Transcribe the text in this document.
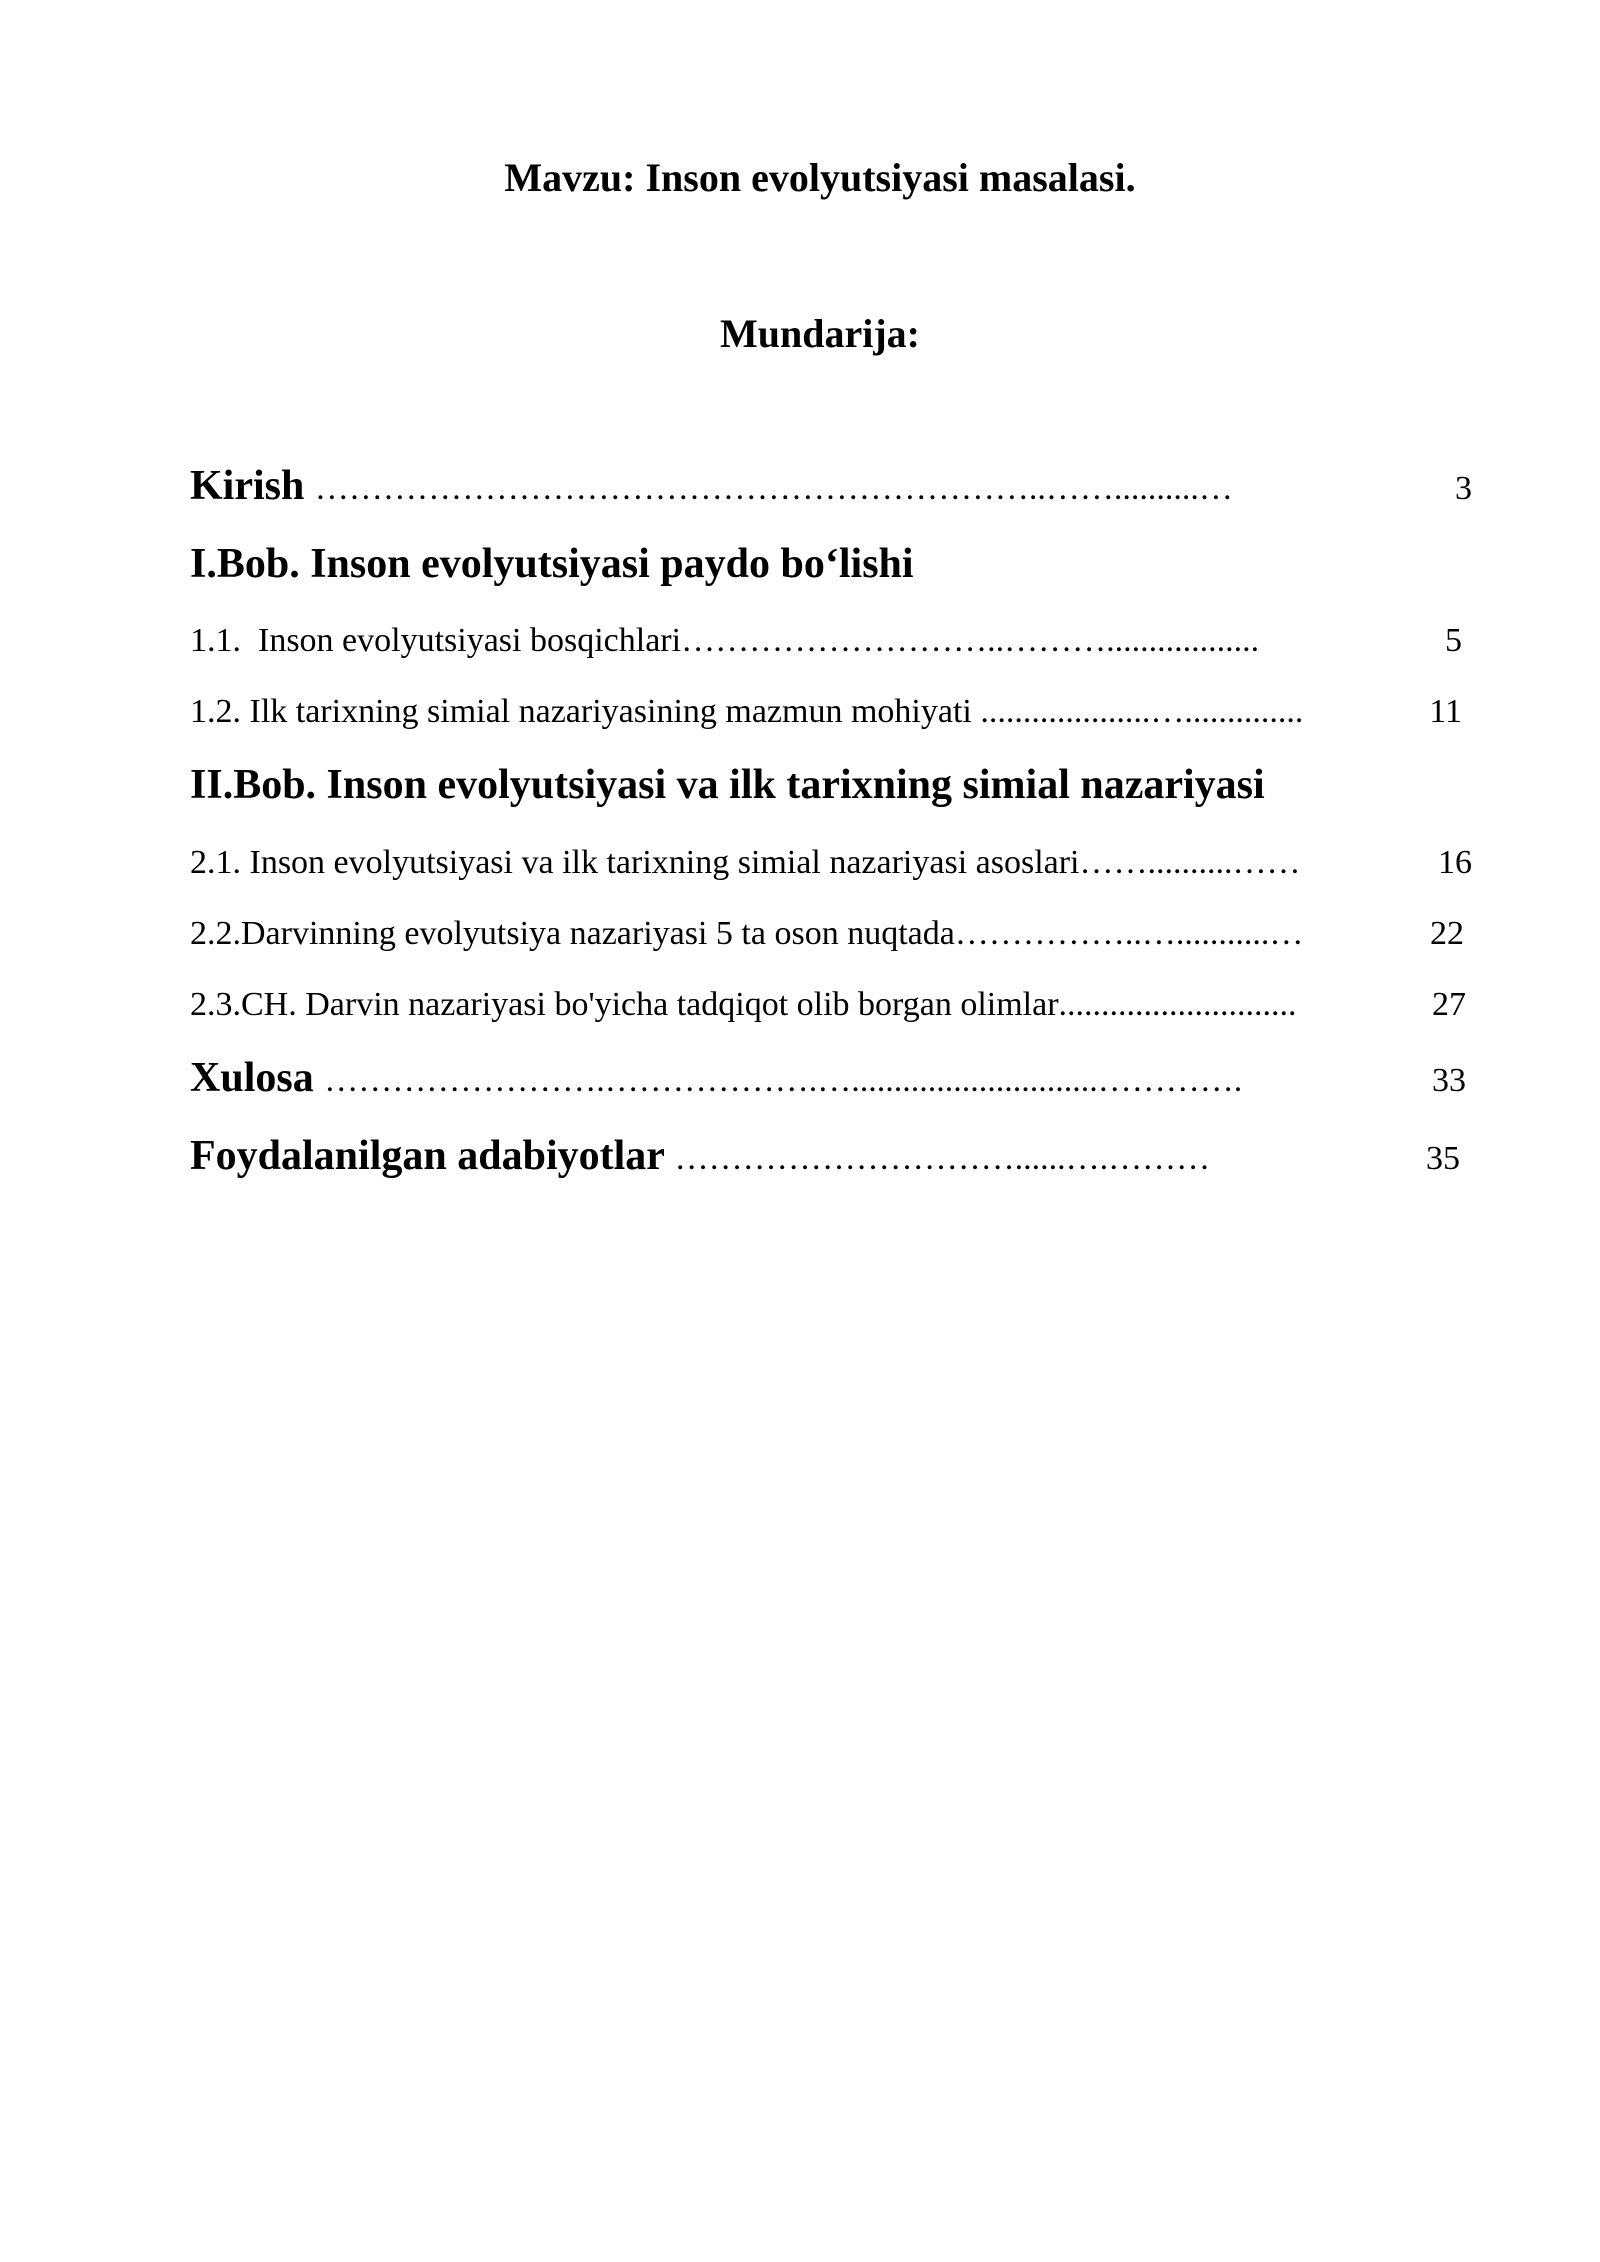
Mavzu: Inson evolyutsiyasi masalasi.
Mundarija:
Kirish ………………………………………………………..……..........…	3
I.Bob. Inson evolyutsiyasi paydo boʻlishi
1.1.  Inson evolyutsiyasi bosqichlari ………………………..………..................	5
1.2. Ilk tarixning simial nazariyasining mazmun mohiyati ....................…..............	11
II.Bob. Inson evolyutsiyasi va ilk tarixning simial nazariyasi
2.1. Inson evolyutsiyasi va ilk tarixning simial nazariyasi asoslari ……..........……	16
2.2.Darvinning evolyutsiya nazariyasi 5 ta oson nuqtada ……………..…...........…	22
2.3.CH. Darvin nazariyasi bo'yicha tadqiqot olib borgan olimlar ............................	27
Xulosa …………………….……………….….............................………….	33
Foydalanilgan adabiyotlar …………………………......….………	35
